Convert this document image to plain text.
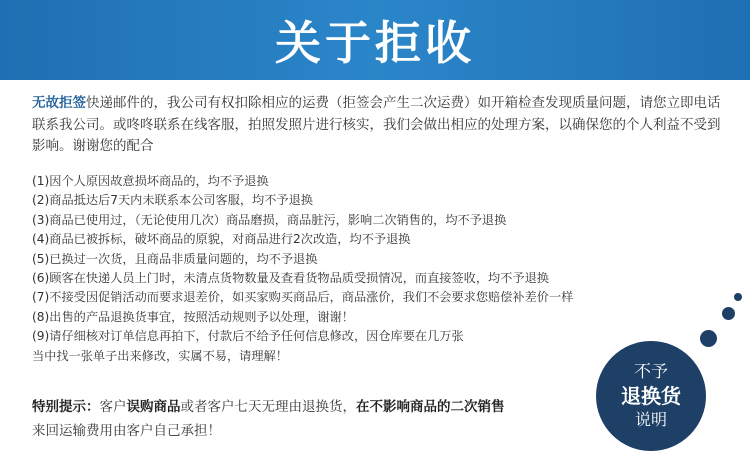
关于拒收
无故拒签快递邮件的，我公司有权扣除相应的运费（拒签会产生二次运费）如开箱检查发现质量问题，请您立即电话联系我公司。或咚咚联系在线客服，拍照发照片进行核实，我们会做出相应的处理方案，以确保您的个人利益不受到影响。谢谢您的配合
(1)因个人原因故意损坏商品的，均不予退换
(2)商品抵达后7天内未联系本公司客服，均不予退换
(3)商品已使用过，（无论使用几次）商品磨损，商品脏污，影响二次销售的，均不予退换
(4)商品已被拆标，破坏商品的原貌，对商品进行2次改造，均不予退换
(5)已换过一次货，且商品非质量问题的，均不予退换
(6)顾客在快递人员上门时，未清点货物数量及查看货物品质受损情况，而直接签收，均不予退换
(7)不接受因促销活动而要求退差价，如买家购买商品后，商品涨价，我们不会要求您赔偿补差价一样
(8)出售的产品退换货事宜，按照活动规则予以处理，谢谢！
(9)请仔细核对订单信息再拍下，付款后不给予任何信息修改，因仓库要在几万张
当中找一张单子出来修改，实属不易，请理解！
特别提示：客户误购商品或者客户七天无理由退换货，在不影响商品的二次销售
来回运输费用由客户自己承担！
不予
退换货
说明
